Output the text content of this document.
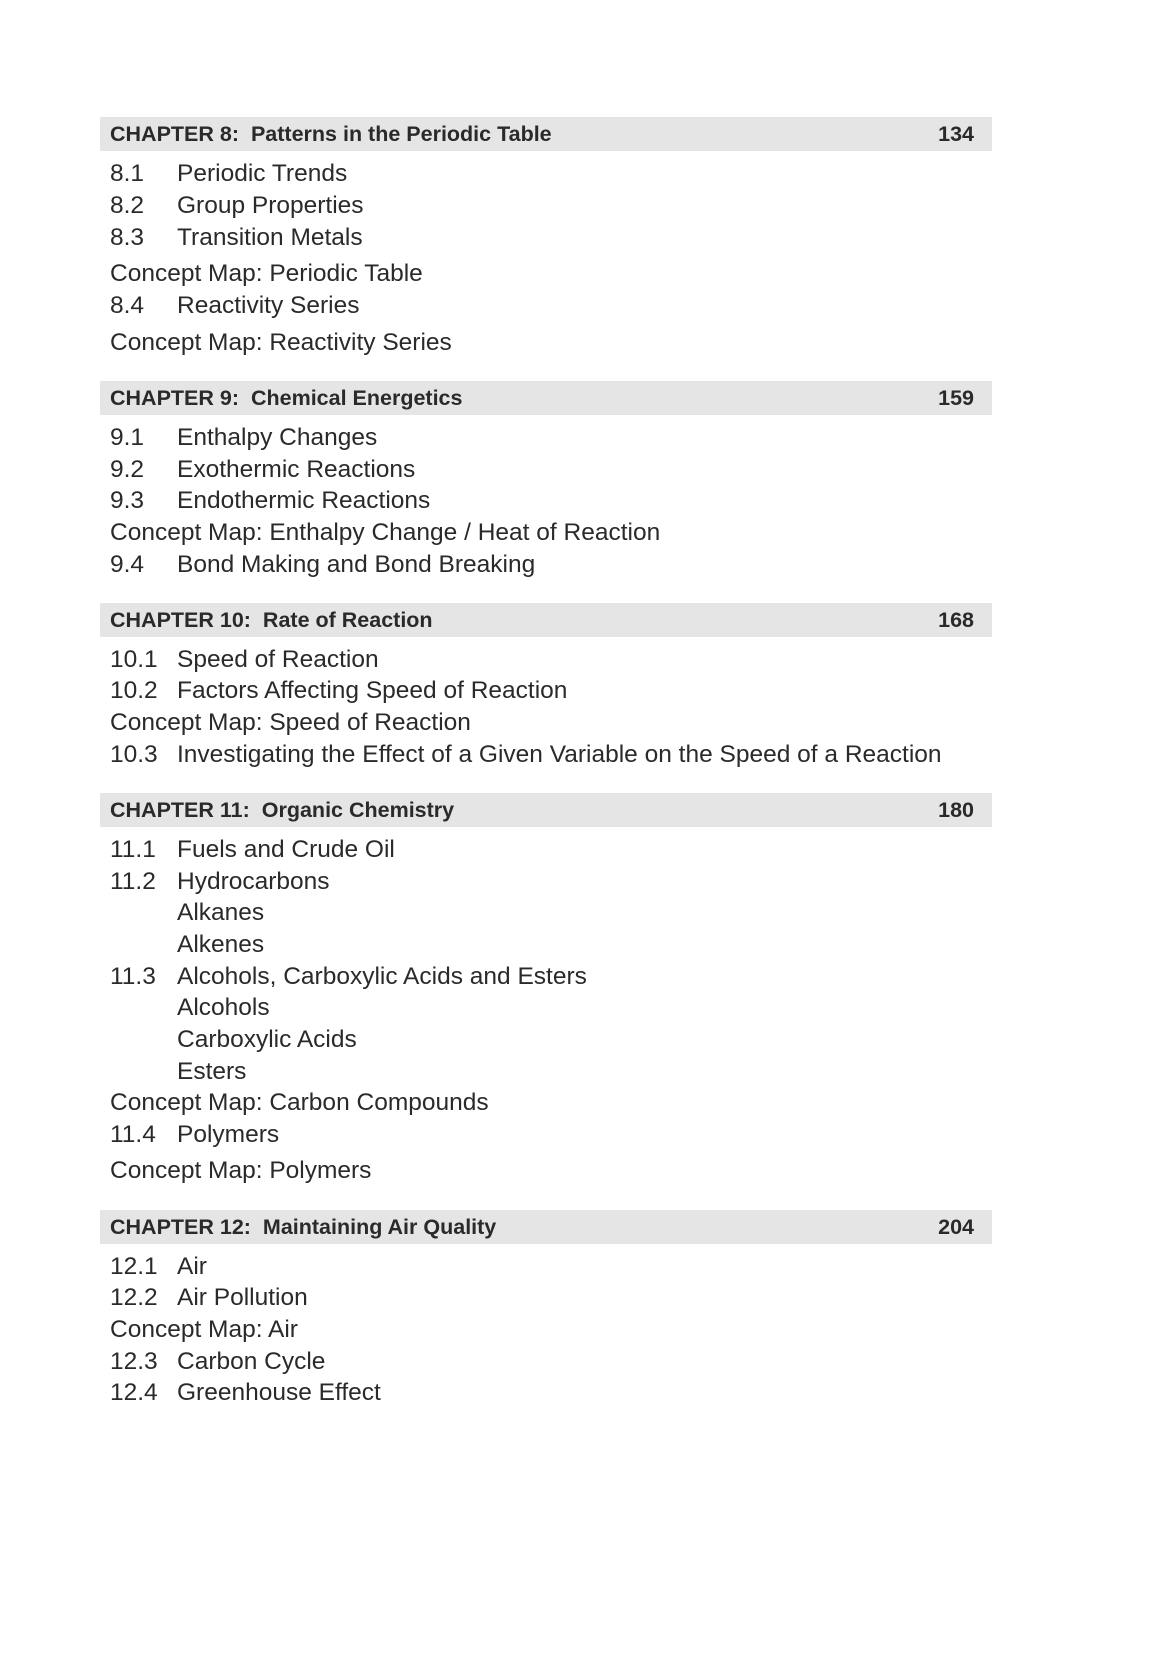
CHAPTER 8: Patterns in the Periodic Table	134
8.1 Periodic Trends
8.2 Group Properties
8.3 Transition Metals
Concept Map: Periodic Table
8.4 Reactivity Series
Concept Map: Reactivity Series
CHAPTER 9: Chemical Energetics	159
9.1 Enthalpy Changes
9.2 Exothermic Reactions
9.3 Endothermic Reactions
Concept Map: Enthalpy Change / Heat of Reaction
9.4 Bond Making and Bond Breaking
CHAPTER 10: Rate of Reaction	168
10.1 Speed of Reaction
10.2 Factors Affecting Speed of Reaction
Concept Map: Speed of Reaction
10.3 Investigating the Effect of a Given Variable on the Speed of a Reaction
CHAPTER 11: Organic Chemistry	180
11.1 Fuels and Crude Oil
11.2 Hydrocarbons
Alkanes
Alkenes
11.3 Alcohols, Carboxylic Acids and Esters
Alcohols
Carboxylic Acids
Esters
Concept Map: Carbon Compounds
11.4 Polymers
Concept Map: Polymers
CHAPTER 12: Maintaining Air Quality	204
12.1 Air
12.2 Air Pollution
Concept Map: Air
12.3 Carbon Cycle
12.4 Greenhouse Effect
